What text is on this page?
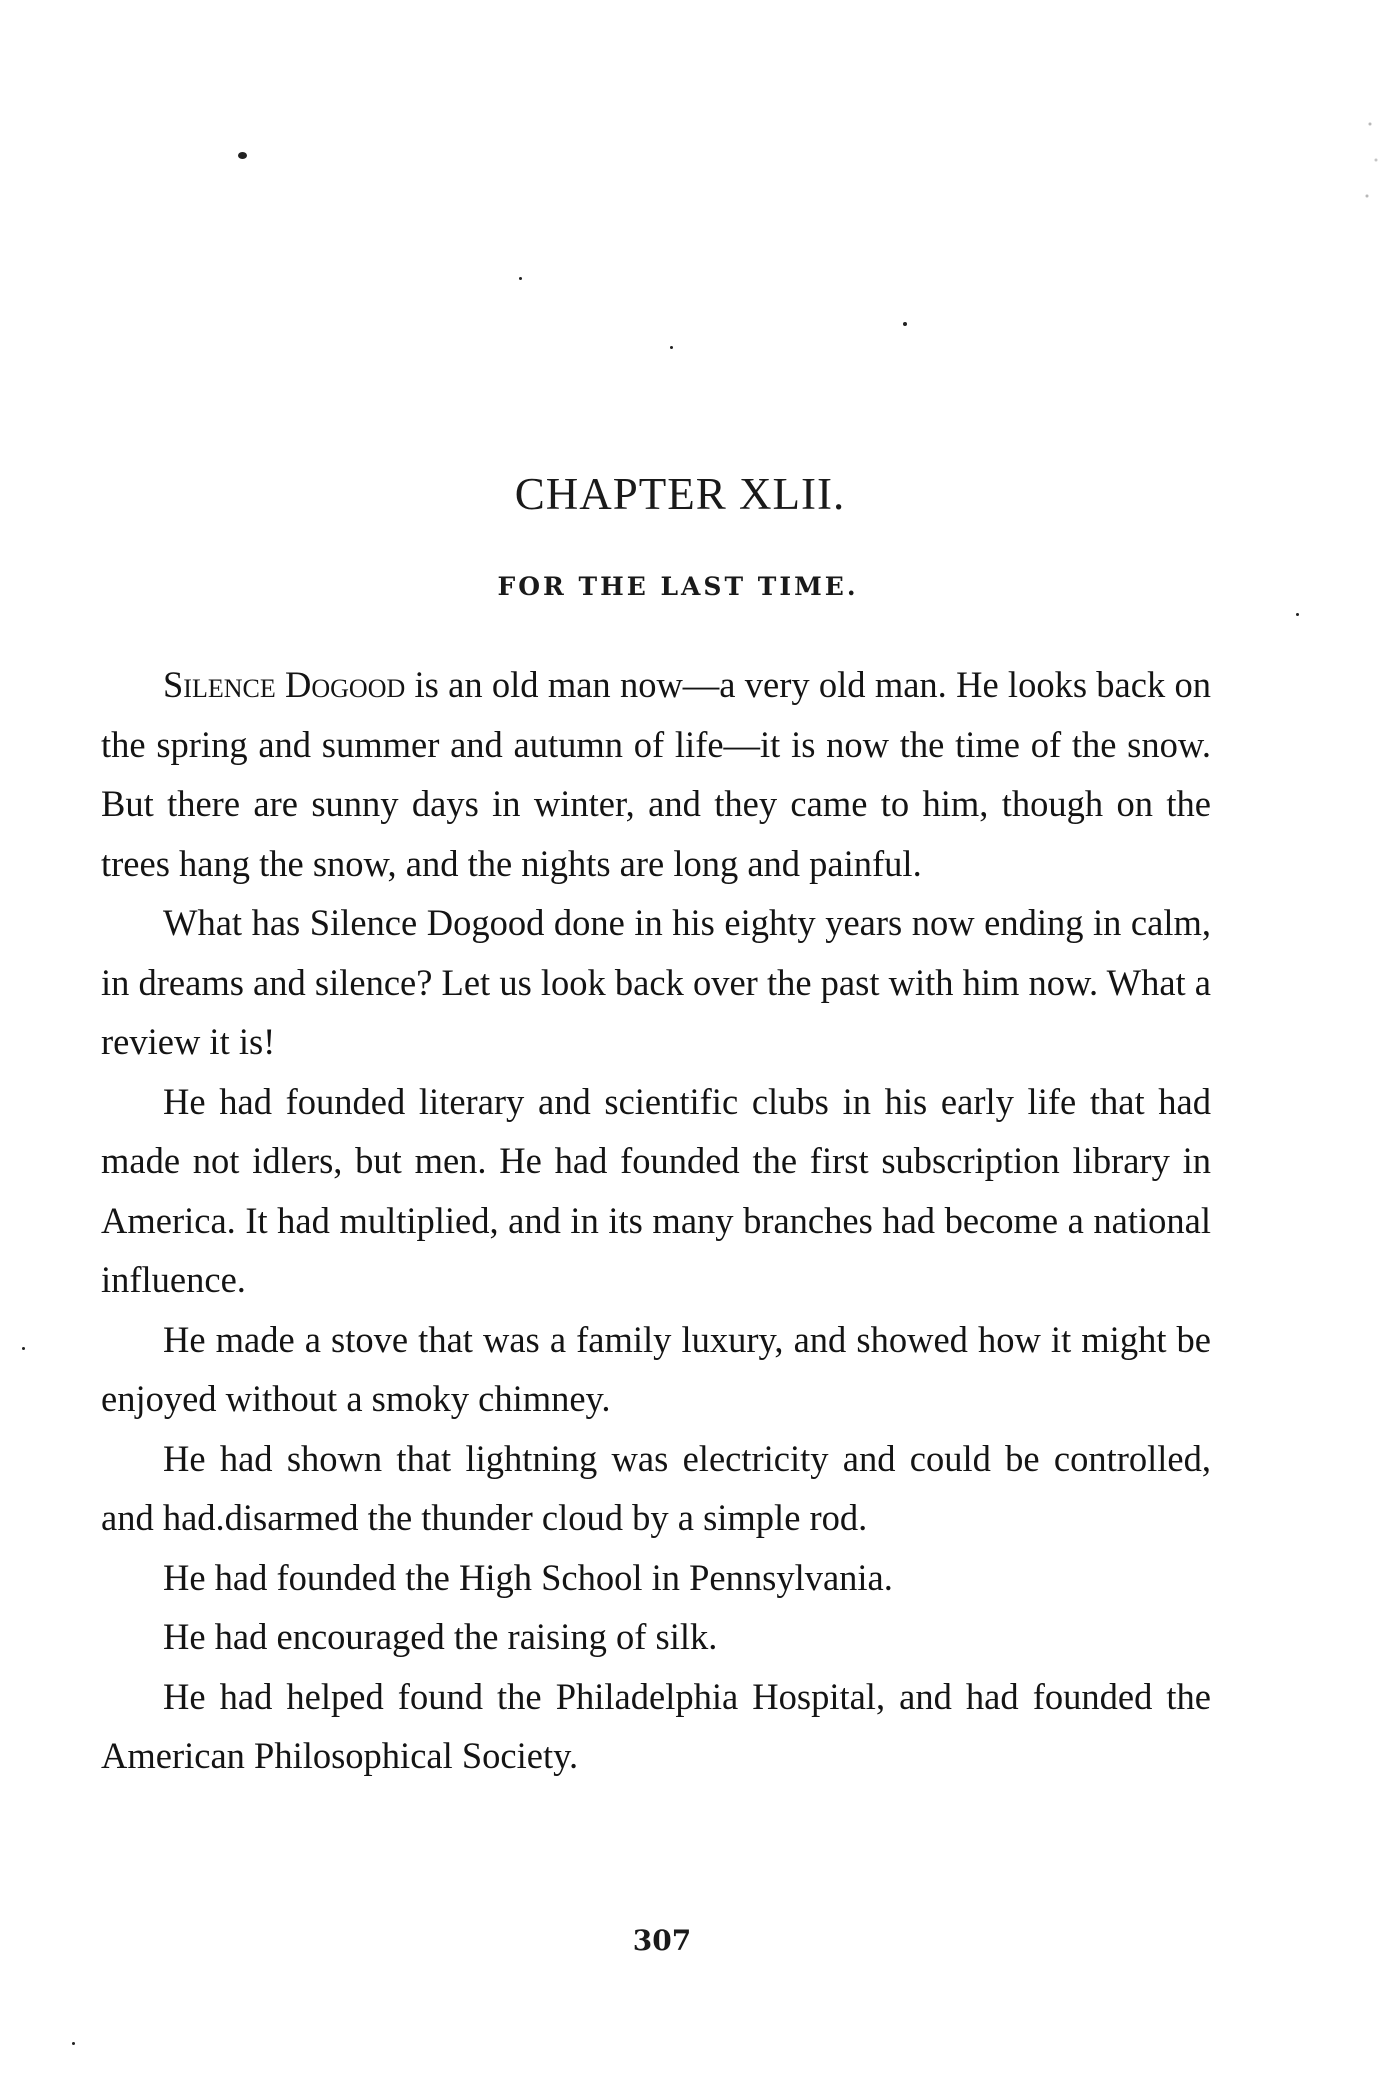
CHAPTER XLII.
FOR THE LAST TIME.

Silence Dogood is an old man now—a very old man. He looks back on the spring and summer and autumn of life—it is now the time of the snow. But there are sunny days in winter, and they came to him, though on the trees hang the snow, and the nights are long and painful.

What has Silence Dogood done in his eighty years now ending in calm, in dreams and silence? Let us look back over the past with him now. What a review it is!

He had founded literary and scientific clubs in his early life that had made not idlers, but men. He had founded the first subscription library in America. It had multiplied, and in its many branches had become a national influence.

He made a stove that was a family luxury, and showed how it might be enjoyed without a smoky chimney.

He had shown that lightning was electricity and could be controlled, and had.disarmed the thunder cloud by a simple rod.

He had founded the High School in Pennsylvania.

He had encouraged the raising of silk.

He had helped found the Philadelphia Hospital, and had founded the American Philosophical Society.

307
